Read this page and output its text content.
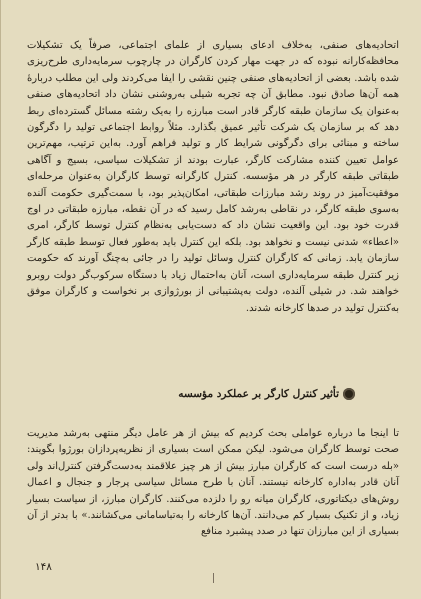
اتحادیه‌های صنفی، به‌خلاف ادعای بسیاری از علمای اجتماعی، صرفاً یک تشکیلات محافظه‌کارانه نبوده که در جهت مهار کردن کارگران در چارچوب سرمایه‌داری طرح‌ریزی شده باشد. بعضی از اتحادیه‌های صنفی چنین نقشی را ایفا می‌کردند ولی این مطلب دربارهٔ همه آن‌ها صادق نبود. مطابق آن چه تجربه شیلی به‌روشنی نشان داد اتحادیه‌های صنفی به‌عنوان یک سازمان طبقه کارگر قادر است مبارزه را به‌یک رشته مسائل گسترده‌ای ربط دهد که بر سازمان یک شرکت تأثیر عمیق بگذارد. مثلاً روابط اجتماعی تولید را دگرگون ساخته و مبنائی برای دگرگونی شرایط کار و تولید فراهم آورد. به‌این ترتیب، مهم‌ترین عوامل تعیین کننده مشارکت کارگر، عبارت بودند از تشکیلات سیاسی، بسیج و آگاهی طبقاتی طبقه کارگر در هر مؤسسه. کنترل کارگرانه توسط کارگران به‌عنوان مرحله‌ای موفقیت‌آمیز در روند رشد مبارزات طبقاتی، امکان‌پذیر بود، با سمت‌گیری حکومت آلنده به‌سوی طبقه کارگر، در نقاطی به‌رشد کامل رسید که در آن نقطه، مبارزه طبقاتی در اوج قدرت خود بود. این واقعیت نشان داد که دست‌یابی به‌نظام کنترل توسط کارگر، امری «اعطاء» شدنی نیست و نخواهد بود. بلکه این کنترل باید به‌طور فعال توسط طبقه کارگر سازمان یابد. زمانی که کارگران کنترل وسائل تولید را در جائی به‌چنگ آورند که حکومت زیر کنترل طبقه سرمایه‌داری است، آنان به‌احتمال زیاد با دستگاه سرکوب‌گر دولت روبرو خواهند شد. در شیلی آلنده، دولت به‌پشتیبانی از بورژوازی بر نخواست و کارگران موفق به‌کنترل تولید در صدها کارخانه شدند.

تأثیر کنترل کارگر بر عملکرد مؤسسه

تا اینجا ما درباره عواملی بحث کردیم که بیش از هر عامل دیگر منتهی به‌رشد مدیریت صحت توسط کارگران می‌شود. لیکن ممکن است بسیاری از نظریه‌پردازان بورژوا بگویند: «بله درست است که کارگران مبارز بیش از هر چیز علاقمند به‌دست‌گرفتن کنترل‌اند ولی آنان قادر به‌اداره کارخانه نیستند. آنان با طرح مسائل سیاسی پرجار و جنجال و اعمال روش‌های دیکتاتوری، کارگران میانه رو را دلزده می‌کنند. کارگران مبارز، از سیاست بسیار زیاد، و از تکنیک بسیار کم می‌دانند. آن‌ها کارخانه را به‌تباسامانی می‌کشانند.» با بدتر از آن بسیاری از این مبارزان تنها در صدد پیشبرد منافع

۱۴۸
